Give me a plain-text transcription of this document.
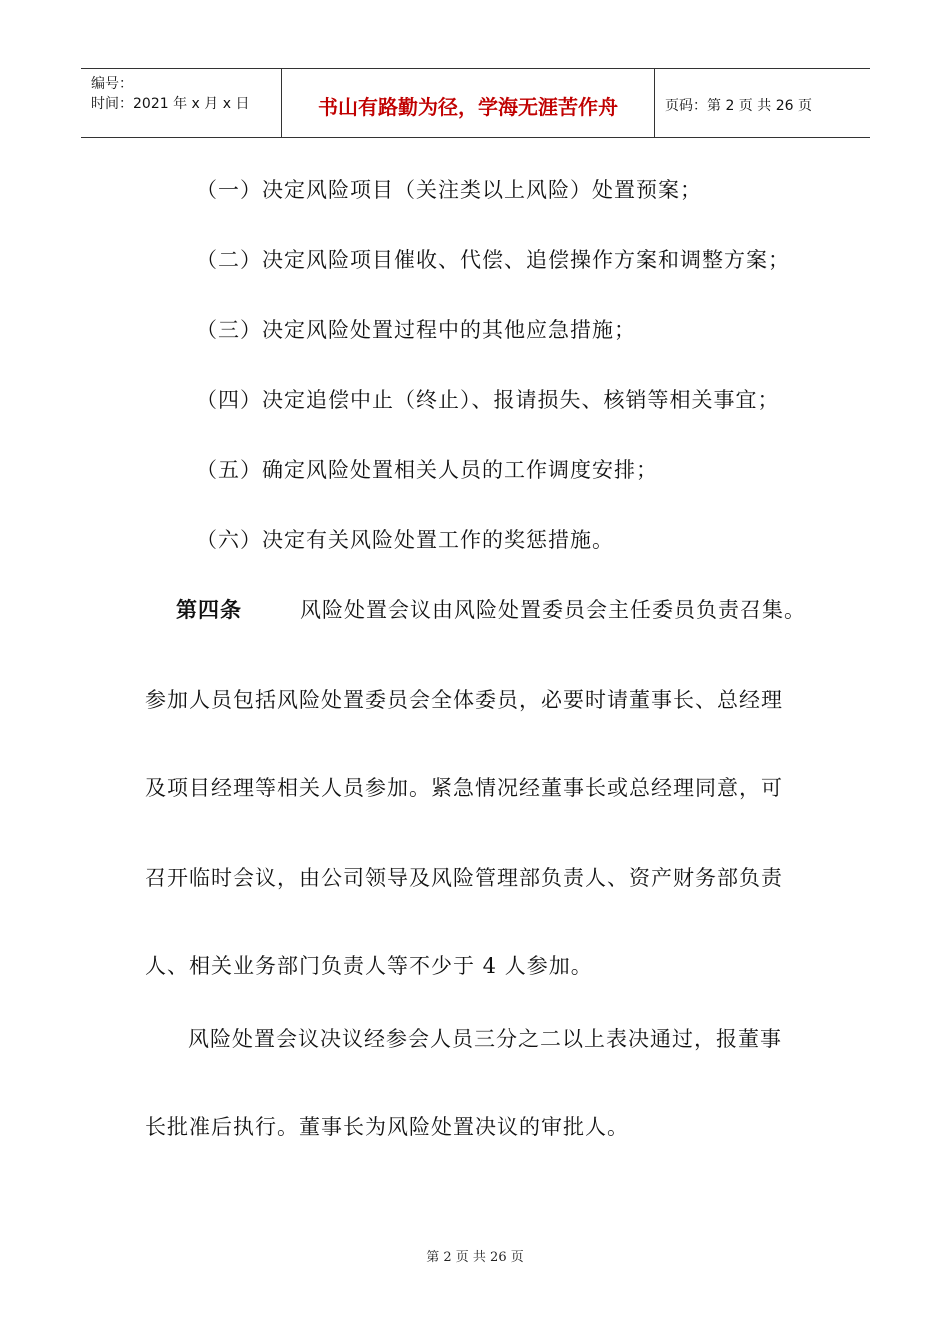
编号：
时间：2021 年 x 月 x 日	书山有路勤为径，学海无涯苦作舟	页码：第 2 页 共 26 页
（一）决定风险项目（关注类以上风险）处置预案；
（二）决定风险项目催收、代偿、追偿操作方案和调整方案；
（三）决定风险处置过程中的其他应急措施；
（四）决定追偿中止（终止）、报请损失、核销等相关事宜；
（五）确定风险处置相关人员的工作调度安排；
（六）决定有关风险处置工作的奖惩措施。
第四条	风险处置会议由风险处置委员会主任委员负责召集。
参加人员包括风险处置委员会全体委员，必要时请董事长、总经理
及项目经理等相关人员参加。紧急情况经董事长或总经理同意，可
召开临时会议，由公司领导及风险管理部负责人、资产财务部负责
人、相关业务部门负责人等不少于 4 人参加。
风险处置会议决议经参会人员三分之二以上表决通过，报董事
长批准后执行。董事长为风险处置决议的审批人。
第 2 页 共 26 页
